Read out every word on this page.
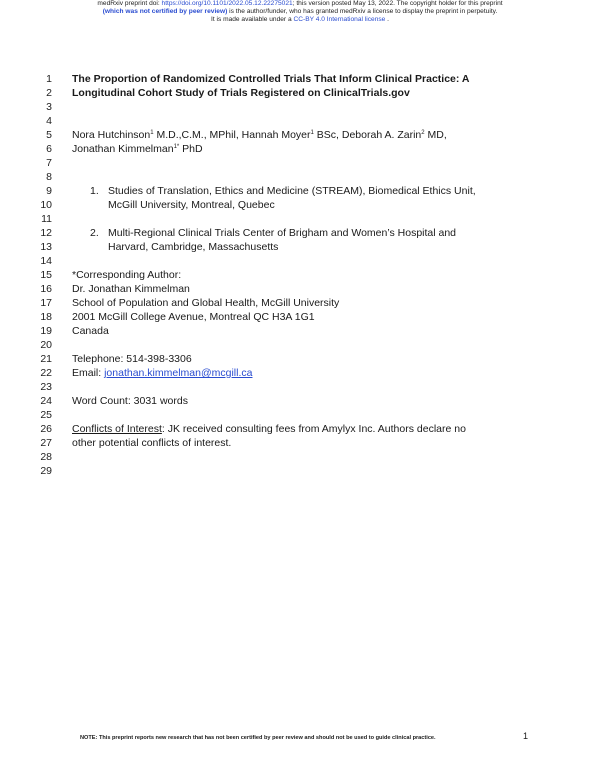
medRxiv preprint doi: https://doi.org/10.1101/2022.05.12.22275021; this version posted May 13, 2022. The copyright holder for this preprint
(which was not certified by peer review) is the author/funder, who has granted medRxiv a license to display the preprint in perpetuity.
It is made available under a CC-BY 4.0 International license .
1
2
3
4
5
6
7
8
9
10
11
12
13
14
15
16
17
18
19
20
21
22
23
24
25
26
27
28
29
The Proportion of Randomized Controlled Trials That Inform Clinical Practice: A
Longitudinal Cohort Study of Trials Registered on ClinicalTrials.gov
Nora Hutchinson$^1$ M.D.,C.M., MPhil, Hannah Moyer$^1$ BSc, Deborah A. Zarin$^2$ MD,
Jonathan Kimmelman$^{1*}$ PhD
1. Studies of Translation, Ethics and Medicine (STREAM), Biomedical Ethics Unit,
McGill University, Montreal, Quebec
2. Multi-Regional Clinical Trials Center of Brigham and Women’s Hospital and
Harvard, Cambridge, Massachusetts
*Corresponding Author:
Dr. Jonathan Kimmelman
School of Population and Global Health, McGill University
2001 McGill College Avenue, Montreal QC H3A 1G1
Canada
Telephone: 514-398-3306
Email: jonathan.kimmelman@mcgill.ca
Word Count: 3031 words
Conflicts of Interest: JK received consulting fees from Amylyx Inc. Authors declare no
other potential conflicts of interest.
NOTE: This preprint reports new research that has not been certified by peer review and should not be used to guide clinical practice.	1
